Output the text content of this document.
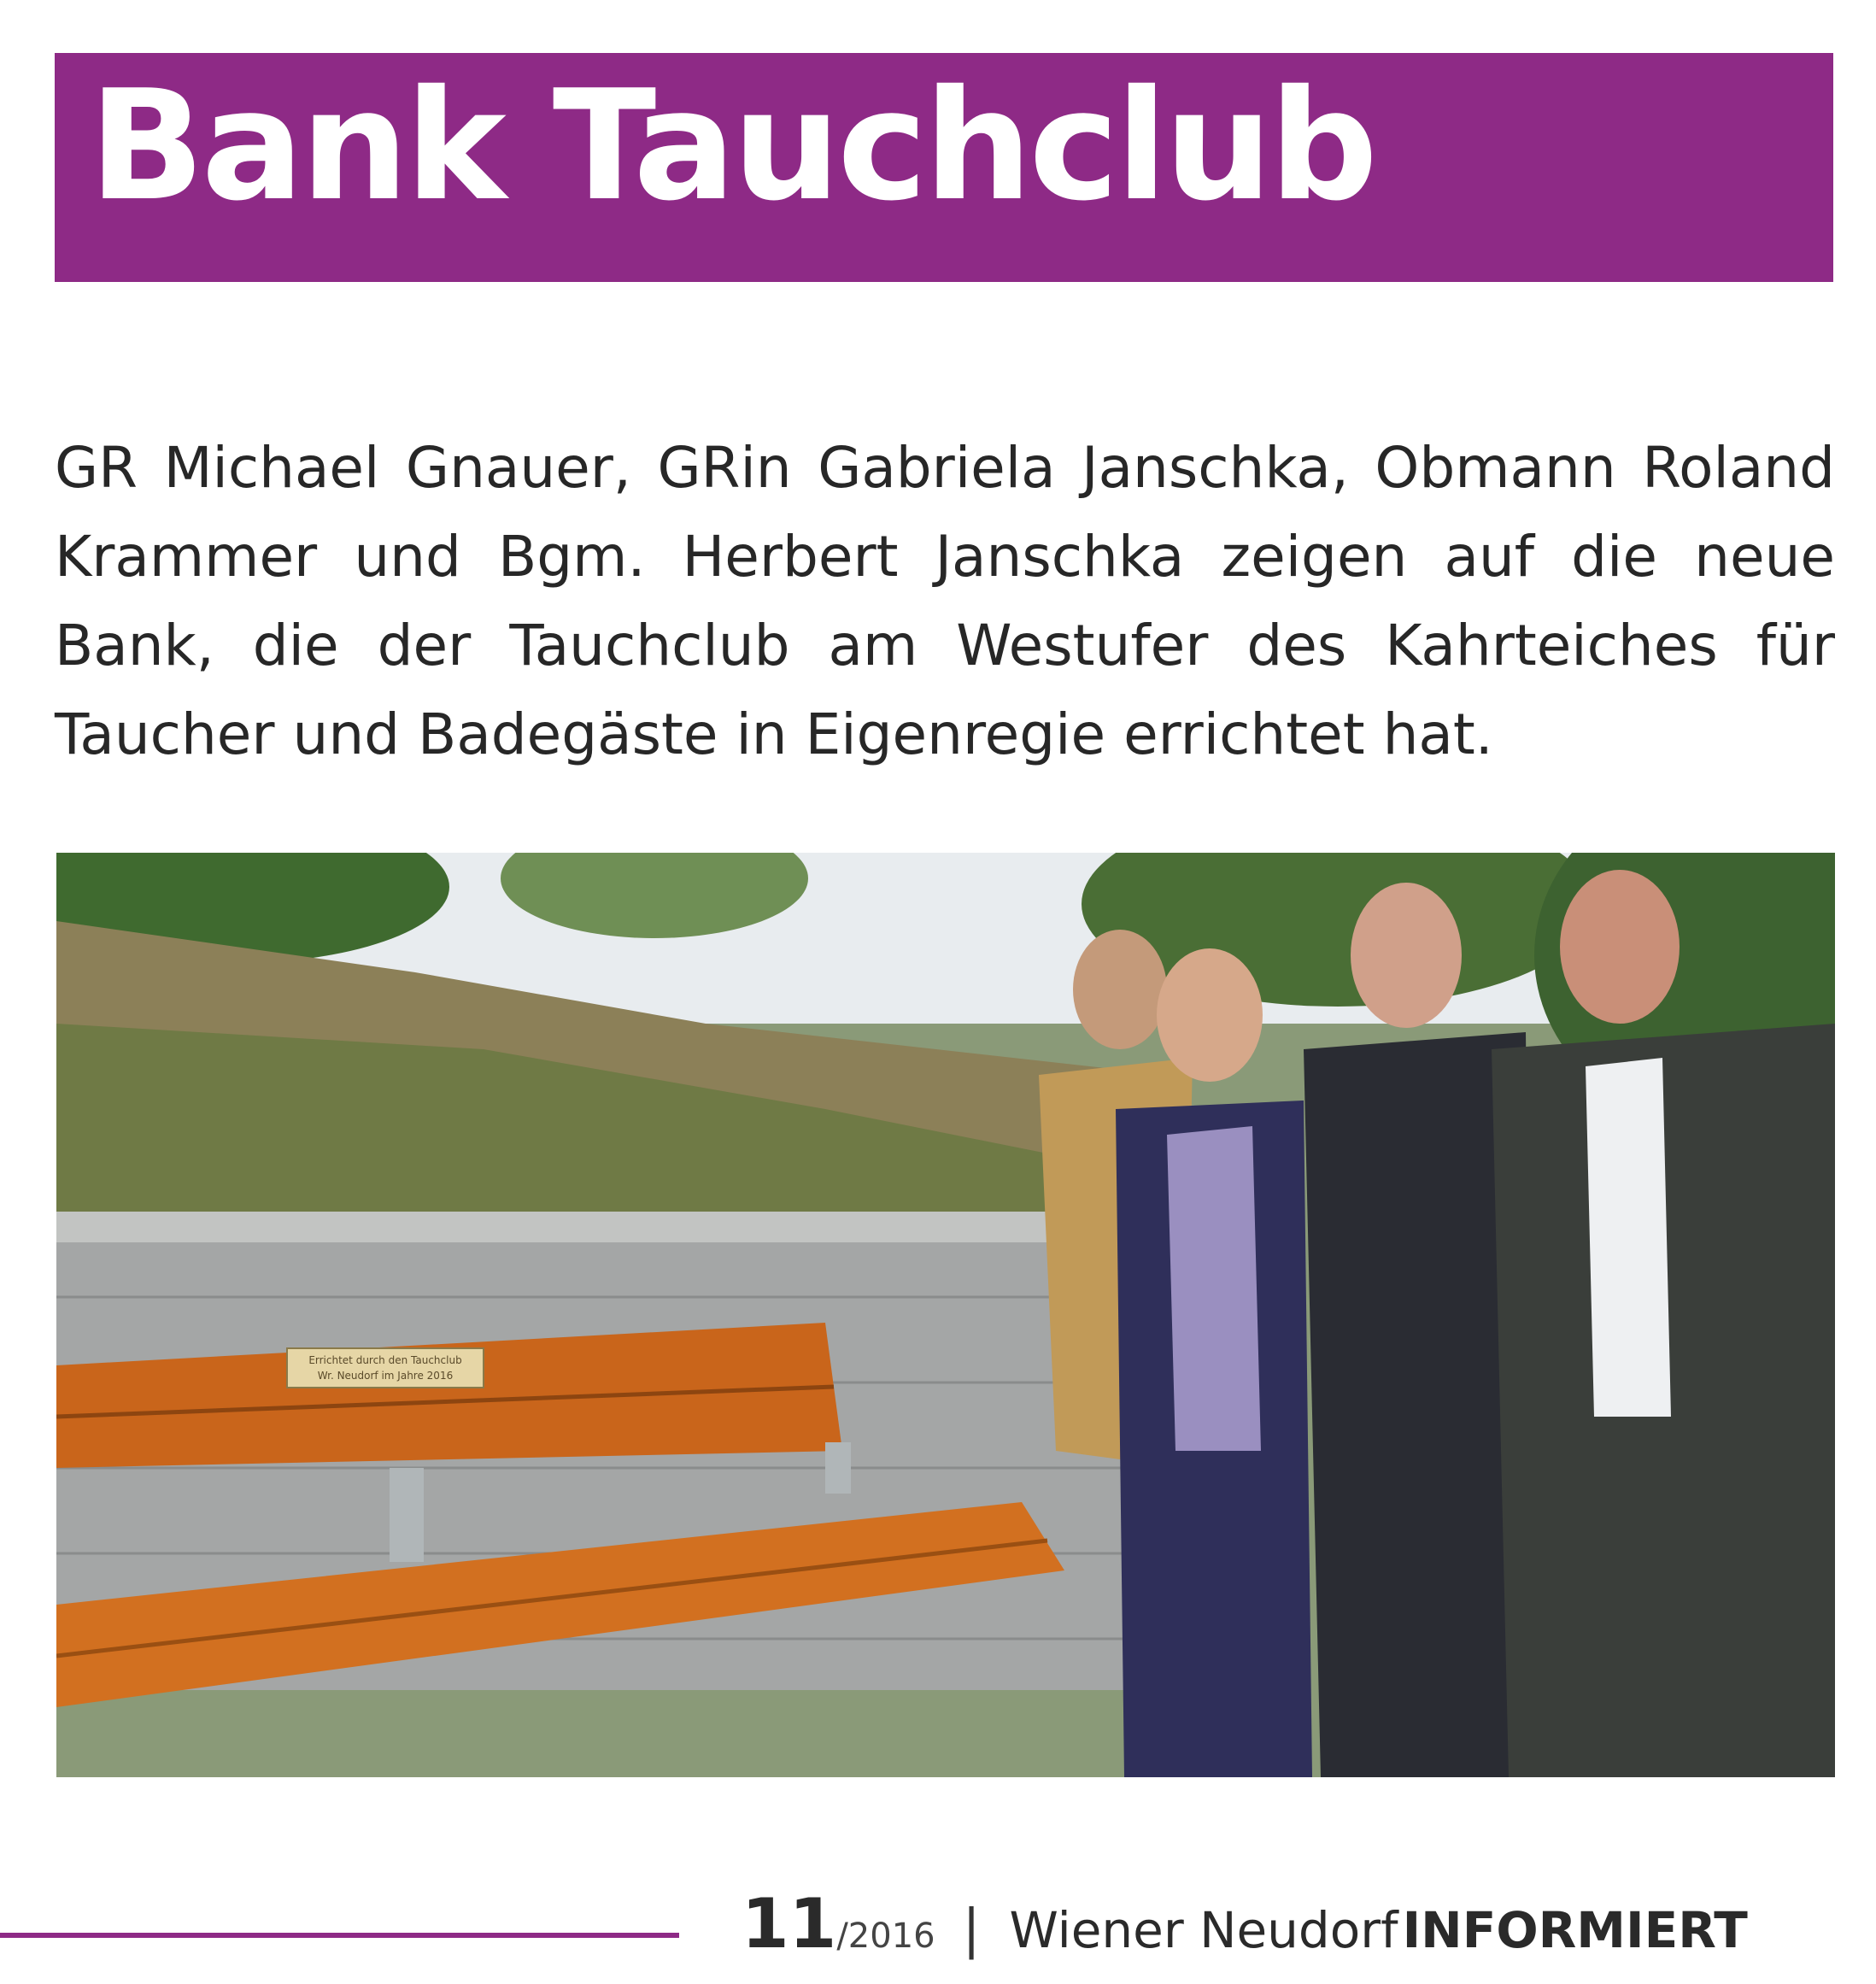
Bank Tauchclub
GR Michael Gnauer, GRin Gabriela Janschka, Obmann Roland Krammer und Bgm. Herbert Janschka zeigen auf die neue Bank, die der Tauchclub am Westufer des Kahrteiches für Taucher und Badegäste in Eigenregie errichtet hat.
Errichtet durch den Tauchclub
Wr. Neudorf im Jahre 2016
11/2016 | Wiener Neudorf INFORMIERT
